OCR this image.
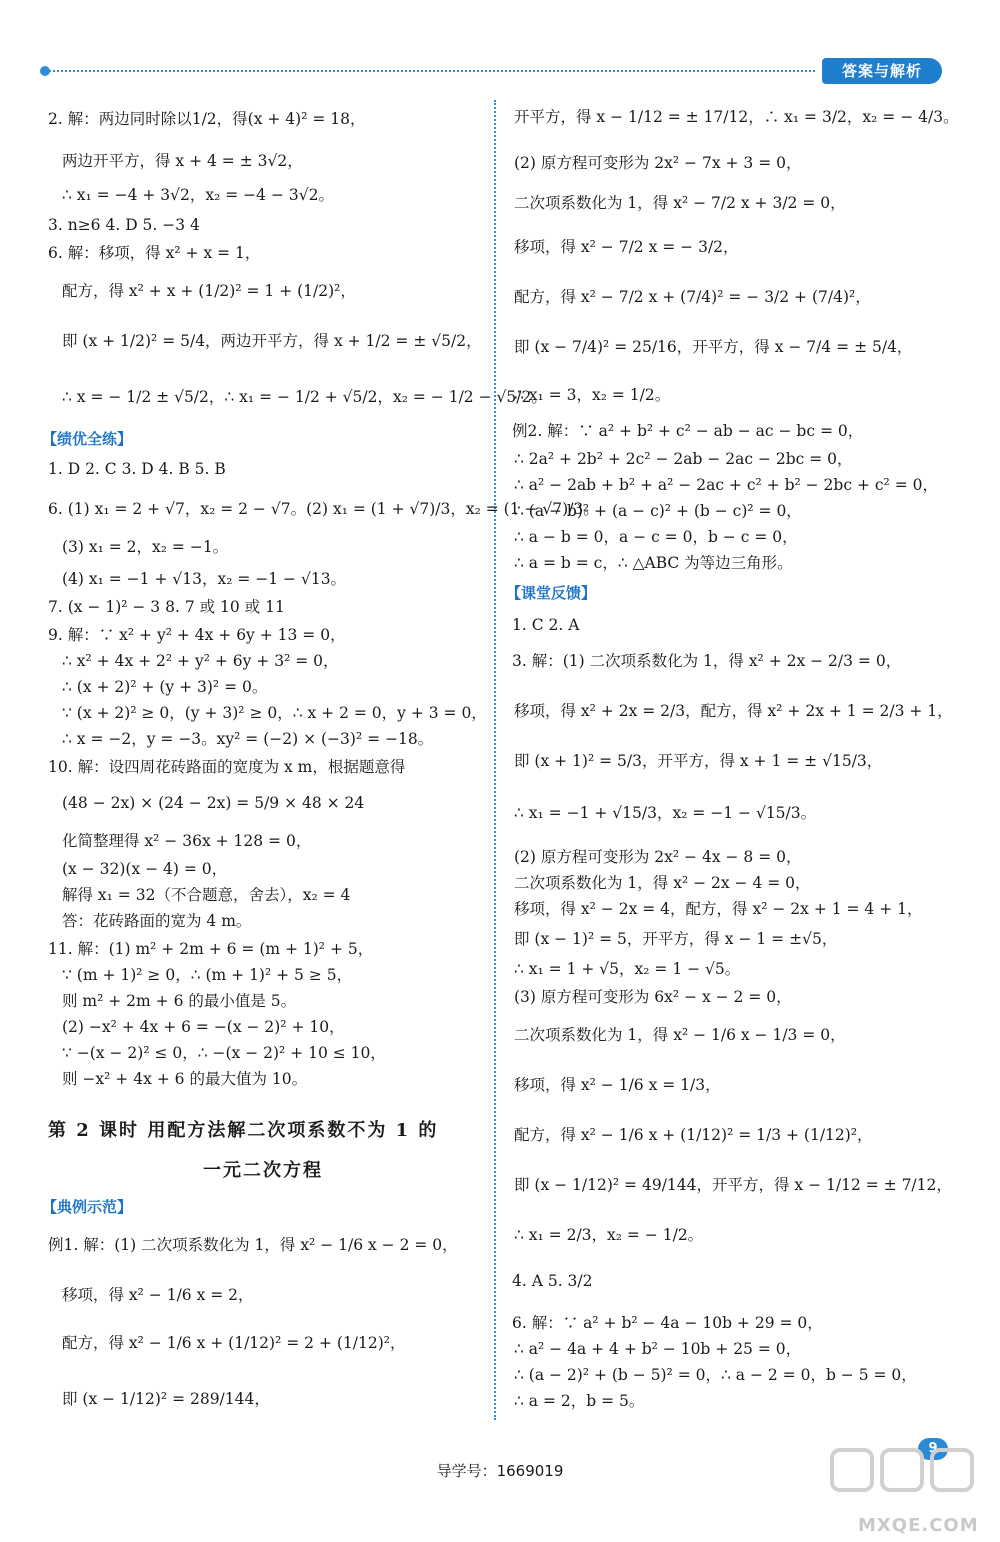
答案与解析
2. 解：两边同时除以1/2，得(x + 4)² = 18，
两边开平方，得 x + 4 = ± 3√2，
∴ x₁ = −4 + 3√2，x₂ = −4 − 3√2。
3. n≥6 4. D 5. −3 4
6. 解：移项，得 x² + x = 1，
配方，得 x² + x + (1/2)² = 1 + (1/2)²，
即 (x + 1/2)² = 5/4，两边开平方，得 x + 1/2 = ± √5/2，
∴ x = − 1/2 ± √5/2，∴ x₁ = − 1/2 + √5/2，x₂ = − 1/2 − √5/2。
【绩优全练】
1. D 2. C 3. D 4. B 5. B
6. (1) x₁ = 2 + √7，x₂ = 2 − √7。(2) x₁ = (1 + √7)/3，x₂ = (1 − √7)/3。
(3) x₁ = 2，x₂ = −1。
(4) x₁ = −1 + √13，x₂ = −1 − √13。
7. (x − 1)² − 3 8. 7 或 10 或 11
9. 解：∵ x² + y² + 4x + 6y + 13 = 0，
∴ x² + 4x + 2² + y² + 6y + 3² = 0，
∴ (x + 2)² + (y + 3)² = 0。
∵ (x + 2)² ≥ 0，(y + 3)² ≥ 0，∴ x + 2 = 0，y + 3 = 0，
∴ x = −2，y = −3。xy² = (−2) × (−3)² = −18。
10. 解：设四周花砖路面的宽度为 x m，根据题意得
(48 − 2x) × (24 − 2x) = 5/9 × 48 × 24
化简整理得 x² − 36x + 128 = 0，
(x − 32)(x − 4) = 0，
解得 x₁ = 32（不合题意，舍去），x₂ = 4
答：花砖路面的宽为 4 m。
11. 解：(1) m² + 2m + 6 = (m + 1)² + 5，
∵ (m + 1)² ≥ 0，∴ (m + 1)² + 5 ≥ 5，
则 m² + 2m + 6 的最小值是 5。
(2) −x² + 4x + 6 = −(x − 2)² + 10，
∵ −(x − 2)² ≤ 0，∴ −(x − 2)² + 10 ≤ 10，
则 −x² + 4x + 6 的最大值为 10。
第 2 课时 用配方法解二次项系数不为 1 的
一元二次方程
【典例示范】
例1. 解：(1) 二次项系数化为 1，得 x² − 1/6 x − 2 = 0，
移项，得 x² − 1/6 x = 2，
配方，得 x² − 1/6 x + (1/12)² = 2 + (1/12)²，
即 (x − 1/12)² = 289/144，
开平方，得 x − 1/12 = ± 17/12，∴ x₁ = 3/2，x₂ = − 4/3。
(2) 原方程可变形为 2x² − 7x + 3 = 0，
二次项系数化为 1，得 x² − 7/2 x + 3/2 = 0，
移项，得 x² − 7/2 x = − 3/2，
配方，得 x² − 7/2 x + (7/4)² = − 3/2 + (7/4)²，
即 (x − 7/4)² = 25/16，开平方，得 x − 7/4 = ± 5/4，
∴ x₁ = 3，x₂ = 1/2。
例2. 解：∵ a² + b² + c² − ab − ac − bc = 0，
∴ 2a² + 2b² + 2c² − 2ab − 2ac − 2bc = 0，
∴ a² − 2ab + b² + a² − 2ac + c² + b² − 2bc + c² = 0，
∴ (a − b)² + (a − c)² + (b − c)² = 0，
∴ a − b = 0，a − c = 0，b − c = 0，
∴ a = b = c，∴ △ABC 为等边三角形。
【课堂反馈】
1. C 2. A
3. 解：(1) 二次项系数化为 1，得 x² + 2x − 2/3 = 0，
移项，得 x² + 2x = 2/3，配方，得 x² + 2x + 1 = 2/3 + 1，
即 (x + 1)² = 5/3，开平方，得 x + 1 = ± √15/3，
∴ x₁ = −1 + √15/3，x₂ = −1 − √15/3。
(2) 原方程可变形为 2x² − 4x − 8 = 0，
二次项系数化为 1，得 x² − 2x − 4 = 0，
移项，得 x² − 2x = 4，配方，得 x² − 2x + 1 = 4 + 1，
即 (x − 1)² = 5，开平方，得 x − 1 = ±√5，
∴ x₁ = 1 + √5，x₂ = 1 − √5。
(3) 原方程可变形为 6x² − x − 2 = 0，
二次项系数化为 1，得 x² − 1/6 x − 1/3 = 0，
移项，得 x² − 1/6 x = 1/3，
配方，得 x² − 1/6 x + (1/12)² = 1/3 + (1/12)²，
即 (x − 1/12)² = 49/144，开平方，得 x − 1/12 = ± 7/12，
∴ x₁ = 2/3，x₂ = − 1/2。
4. A 5. 3/2
6. 解：∵ a² + b² − 4a − 10b + 29 = 0，
∴ a² − 4a + 4 + b² − 10b + 25 = 0，
∴ (a − 2)² + (b − 5)² = 0，∴ a − 2 = 0，b − 5 = 0，
∴ a = 2，b = 5。
导学号：1669019
9
MXQE.COM
